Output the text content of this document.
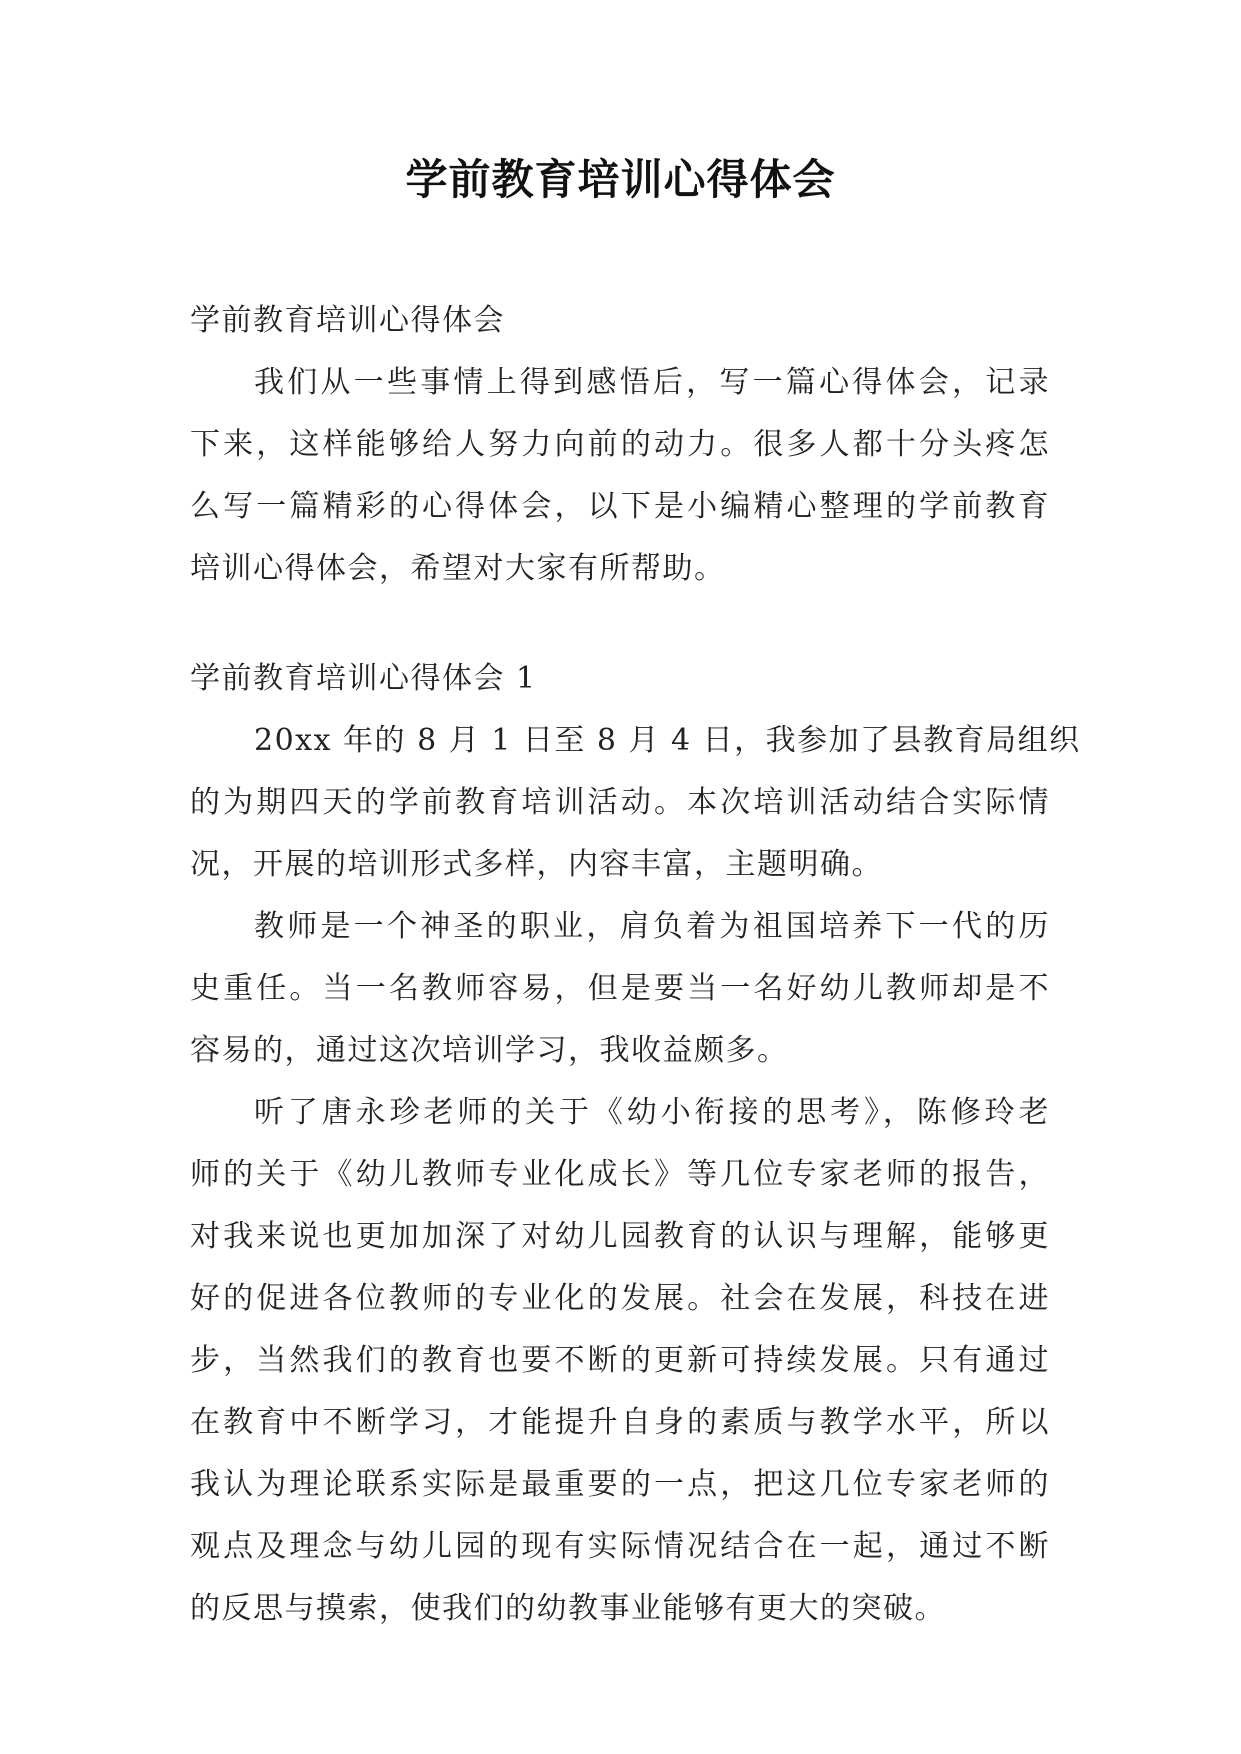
学前教育培训心得体会
学前教育培训心得体会
我们从一些事情上得到感悟后，写一篇心得体会，记录
下来，这样能够给人努力向前的动力。很多人都十分头疼怎
么写一篇精彩的心得体会，以下是小编精心整理的学前教育
培训心得体会，希望对大家有所帮助。
学前教育培训心得体会 1
20xx 年的 8 月 1 日至 8 月 4 日，我参加了县教育局组织
的为期四天的学前教育培训活动。本次培训活动结合实际情
况，开展的培训形式多样，内容丰富，主题明确。
教师是一个神圣的职业，肩负着为祖国培养下一代的历
史重任。当一名教师容易，但是要当一名好幼儿教师却是不
容易的，通过这次培训学习，我收益颇多。
听了唐永珍老师的关于《幼小衔接的思考》，陈修玲老
师的关于《幼儿教师专业化成长》等几位专家老师的报告，
对我来说也更加加深了对幼儿园教育的认识与理解，能够更
好的促进各位教师的专业化的发展。社会在发展，科技在进
步，当然我们的教育也要不断的更新可持续发展。只有通过
在教育中不断学习，才能提升自身的素质与教学水平，所以
我认为理论联系实际是最重要的一点，把这几位专家老师的
观点及理念与幼儿园的现有实际情况结合在一起，通过不断
的反思与摸索，使我们的幼教事业能够有更大的突破。
